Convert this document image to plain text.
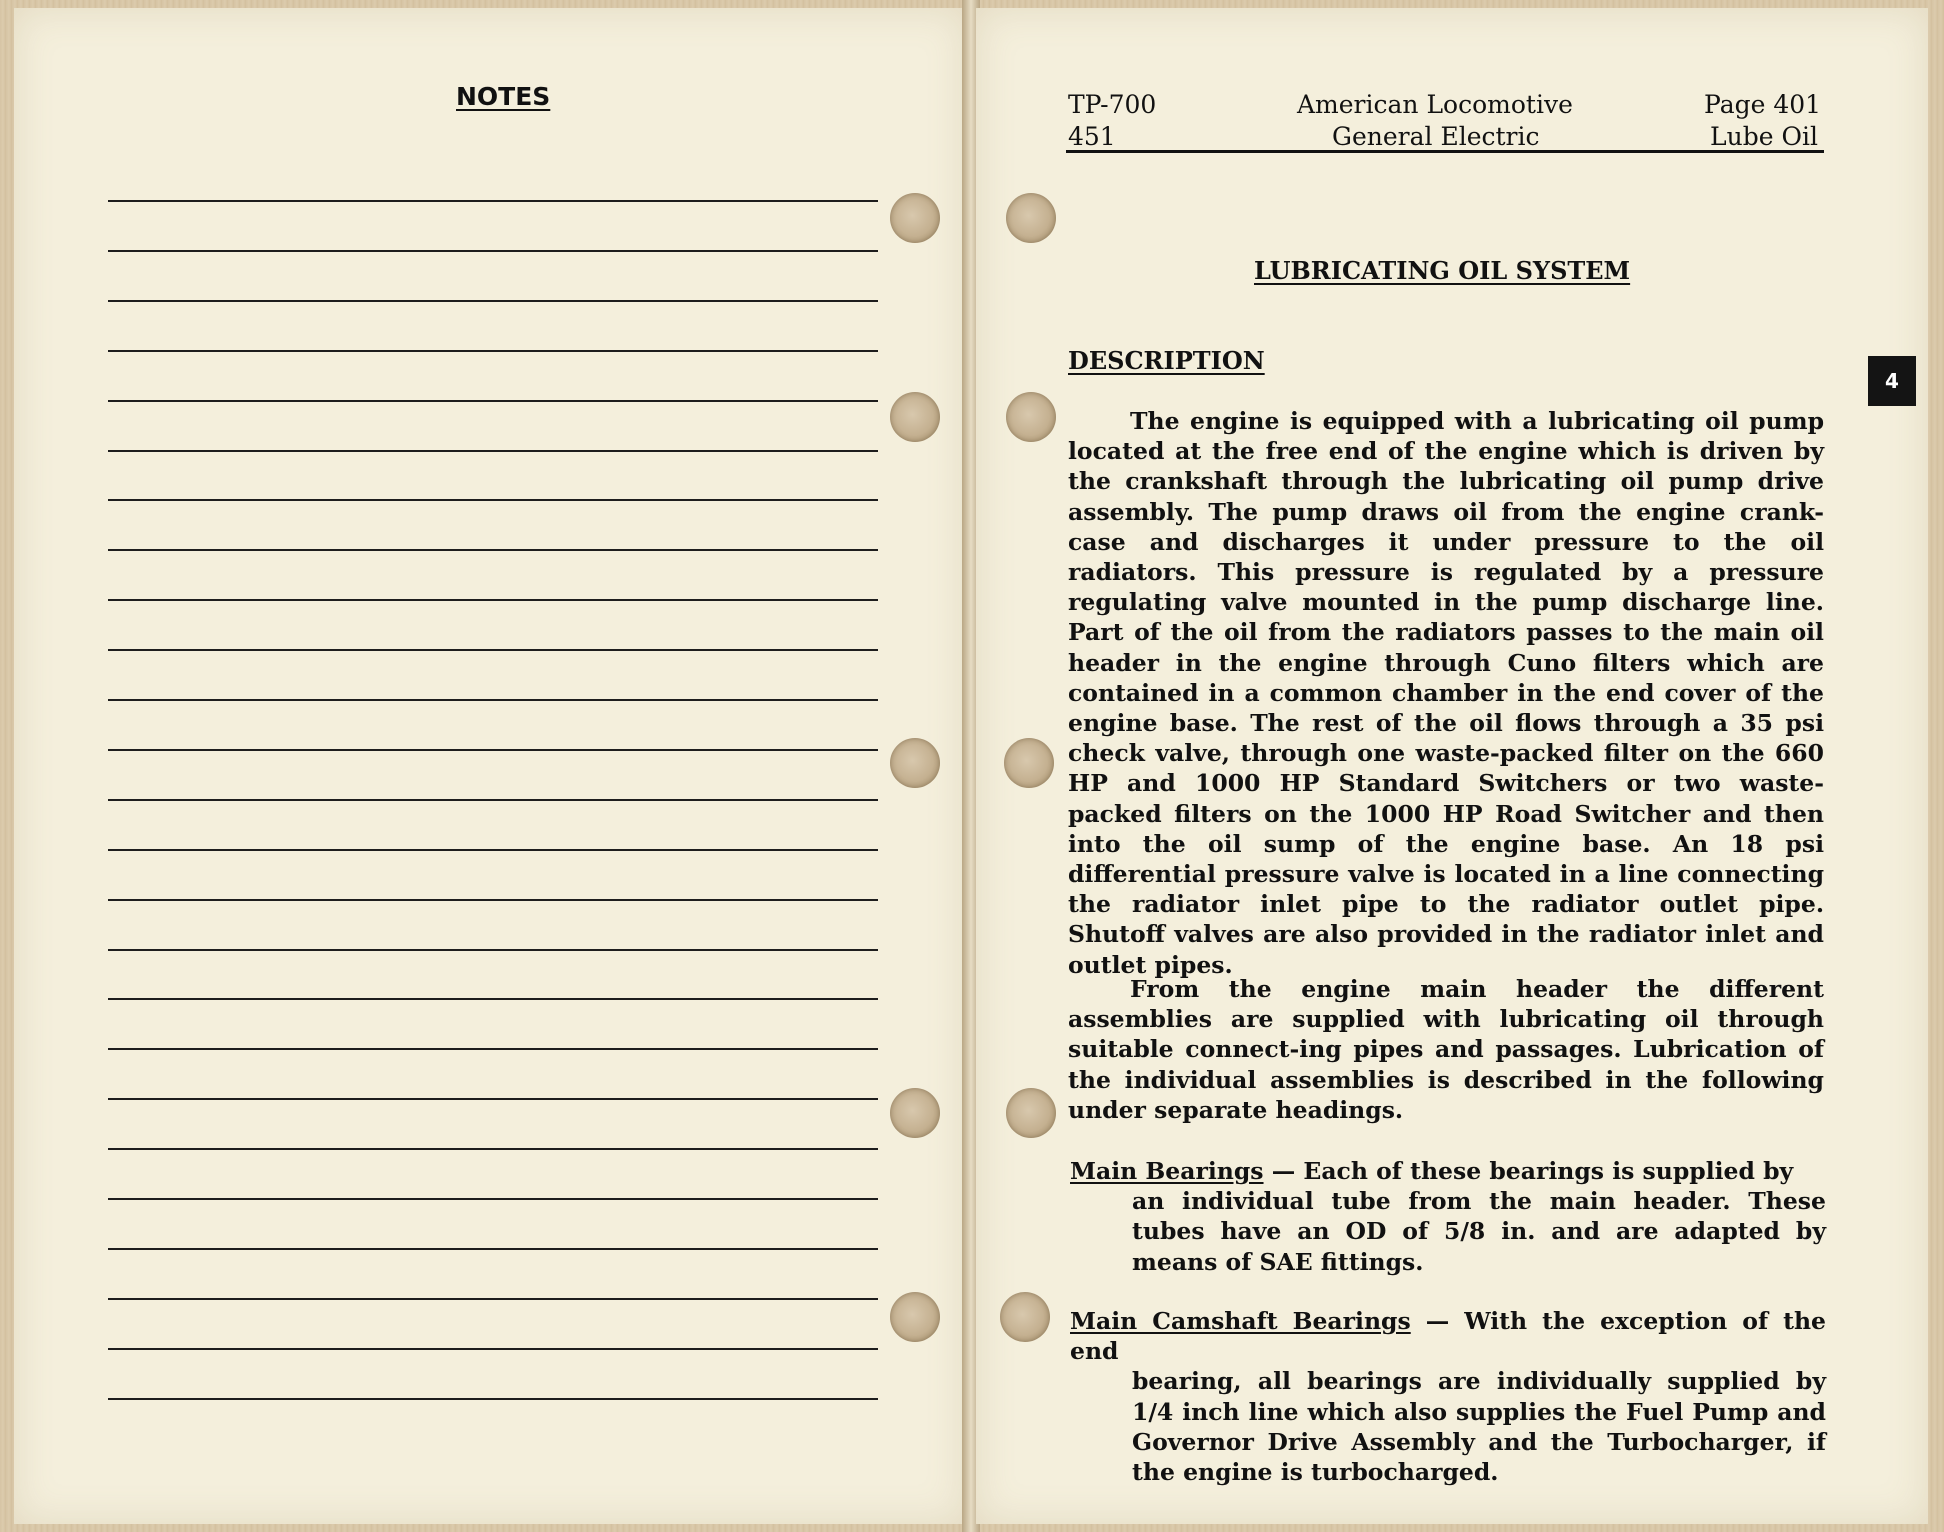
NOTES	TP-700
451
American Locomotive
General Electric
Page 401
Lube Oil
LUBRICATING OIL SYSTEM
DESCRIPTION
The engine is equipped with a lubricating oil pump located at the free end of the engine which is driven by the crankshaft through the lubricating oil pump drive assembly. The pump draws oil from the engine crank-case and discharges it under pressure to the oil radiators. This pressure is regulated by a pressure regulating valve mounted in the pump discharge line. Part of the oil from the radiators passes to the main oil header in the engine through Cuno filters which are contained in a common chamber in the end cover of the engine base. The rest of the oil flows through a 35 psi check valve, through one waste-packed filter on the 660 HP and 1000 HP Standard Switchers or two waste-packed filters on the 1000 HP Road Switcher and then into the oil sump of the engine base. An 18 psi differential pressure valve is located in a line connecting the radiator inlet pipe to the radiator outlet pipe. Shutoff valves are also provided in the radiator inlet and outlet pipes.
From the engine main header the different assemblies are supplied with lubricating oil through suitable connect-ing pipes and passages. Lubrication of the individual assemblies is described in the following under separate headings.
Main Bearings — Each of these bearings is supplied by
an individual tube from the main header. These tubes have an OD of 5/8 in. and are adapted by means of SAE fittings.
Main Camshaft Bearings — With the exception of the end
bearing, all bearings are individually supplied by 1/4 inch line which also supplies the Fuel Pump and Governor Drive Assembly and the Turbocharger, if the engine is turbocharged.
4
